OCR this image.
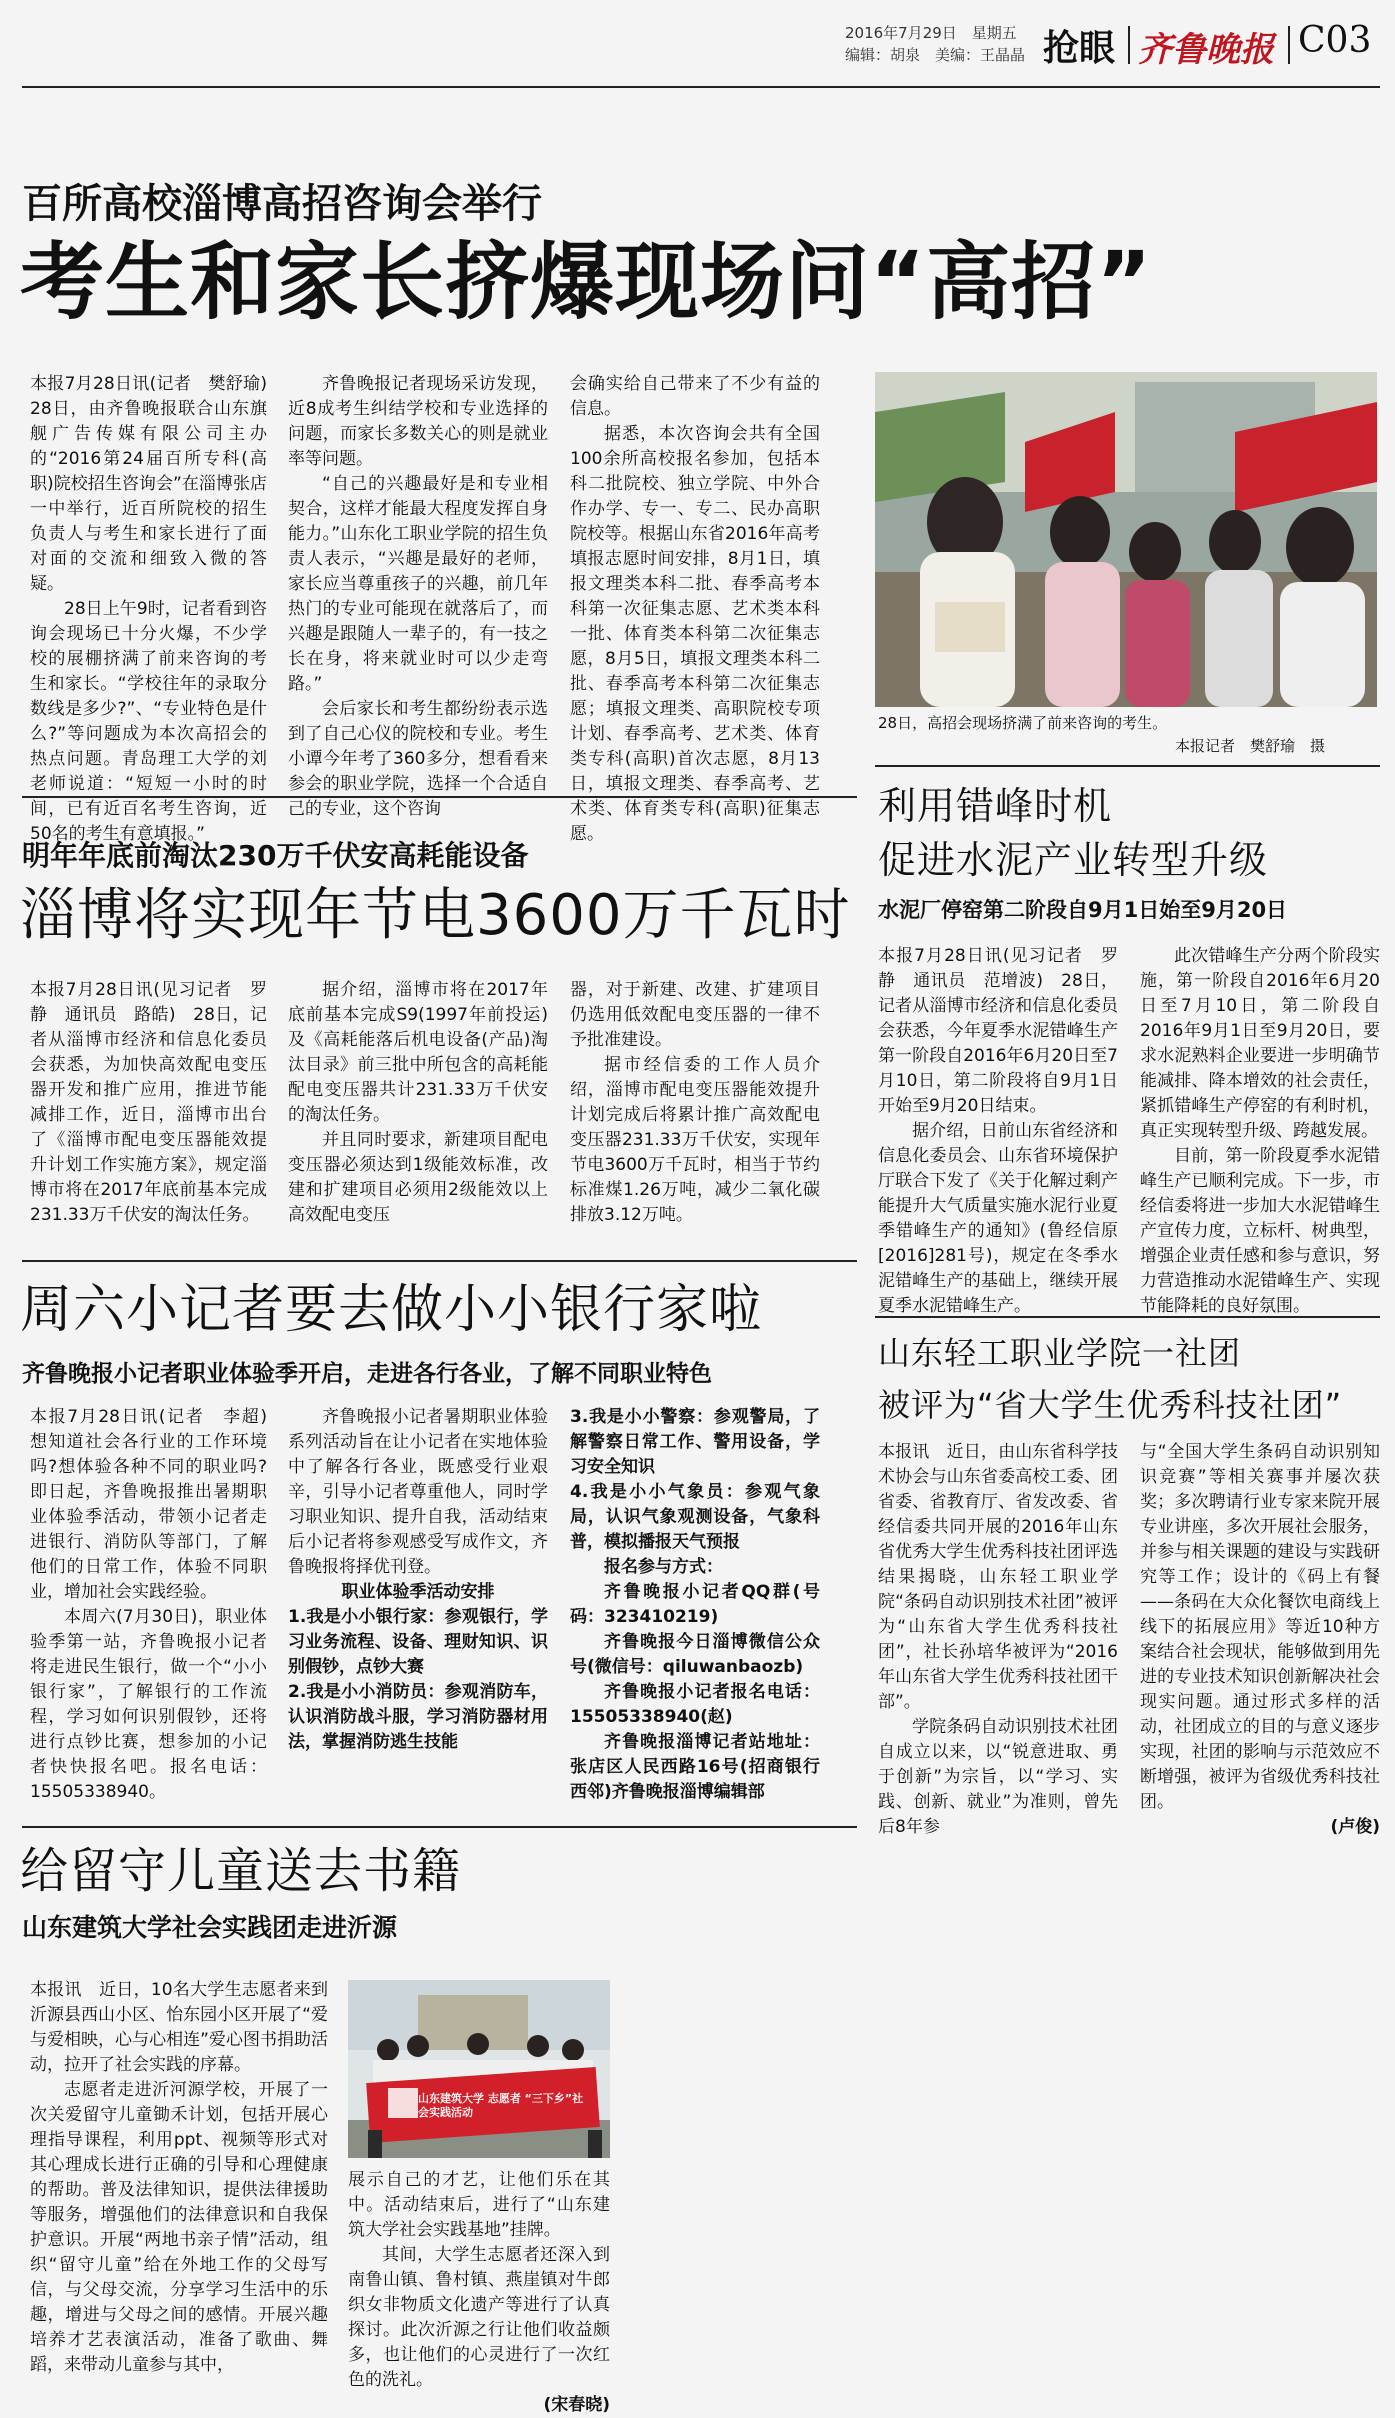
2016年7月29日　星期五
编辑：胡泉　美编：王晶晶 抢眼 齐鲁晚报 C03
百所高校淄博高招咨询会举行
考生和家长挤爆现场问“高招”

本报7月28日讯(记者　樊舒瑜)　28日，由齐鲁晚报联合山东旗舰广告传媒有限公司主办的“2016第24届百所专科(高职)院校招生咨询会”在淄博张店一中举行，近百所院校的招生负责人与考生和家长进行了面对面的交流和细致入微的答疑。

28日上午9时，记者看到咨询会现场已十分火爆，不少学校的展棚挤满了前来咨询的考生和家长。“学校往年的录取分数线是多少?”、“专业特色是什么?”等问题成为本次高招会的热点问题。青岛理工大学的刘老师说道：“短短一小时的时间，已有近百名考生咨询，近50名的考生有意填报。”

齐鲁晚报记者现场采访发现，近8成考生纠结学校和专业选择的问题，而家长多数关心的则是就业率等问题。

“自己的兴趣最好是和专业相契合，这样才能最大程度发挥自身能力。”山东化工职业学院的招生负责人表示，“兴趣是最好的老师，家长应当尊重孩子的兴趣，前几年热门的专业可能现在就落后了，而兴趣是跟随人一辈子的，有一技之长在身，将来就业时可以少走弯路。”

会后家长和考生都纷纷表示选到了自己心仪的院校和专业。考生小谭今年考了360多分，想看看来参会的职业学院，选择一个合适自己的专业，这个咨询

会确实给自己带来了不少有益的信息。

据悉，本次咨询会共有全国100余所高校报名参加，包括本科二批院校、独立学院、中外合作办学、专一、专二、民办高职院校等。根据山东省2016年高考填报志愿时间安排，8月1日，填报文理类本科二批、春季高考本科第一次征集志愿、艺术类本科一批、体育类本科第二次征集志愿，8月5日，填报文理类本科二批、春季高考本科第二次征集志愿；填报文理类、高职院校专项计划、春季高考、艺术类、体育类专科(高职)首次志愿，8月13日，填报文理类、春季高考、艺术类、体育类专科(高职)征集志愿。

28日，高招会现场挤满了前来咨询的考生。
本报记者　樊舒瑜　摄
明年年底前淘汰230万千伏安高耗能设备
淄博将实现年节电3600万千瓦时

本报7月28日讯(见习记者　罗静　通讯员　路皓)　28日，记者从淄博市经济和信息化委员会获悉，为加快高效配电变压器开发和推广应用，推进节能减排工作，近日，淄博市出台了《淄博市配电变压器能效提升计划工作实施方案》，规定淄博市将在2017年底前基本完成231.33万千伏安的淘汰任务。

据介绍，淄博市将在2017年底前基本完成S9(1997年前投运)及《高耗能落后机电设备(产品)淘汰目录》前三批中所包含的高耗能配电变压器共计231.33万千伏安的淘汰任务。

并且同时要求，新建项目配电变压器必须达到1级能效标准，改建和扩建项目必须用2级能效以上高效配电变压

器，对于新建、改建、扩建项目仍选用低效配电变压器的一律不予批准建设。

据市经信委的工作人员介绍，淄博市配电变压器能效提升计划完成后将累计推广高效配电变压器231.33万千伏安，实现年节电3600万千瓦时，相当于节约标准煤1.26万吨，减少二氧化碳排放3.12万吨。

利用错峰时机
促进水泥产业转型升级
水泥厂停窑第二阶段自9月1日始至9月20日

本报7月28日讯(见习记者　罗静　通讯员　范增波)　28日，记者从淄博市经济和信息化委员会获悉，今年夏季水泥错峰生产第一阶段自2016年6月20日至7月10日，第二阶段将自9月1日开始至9月20日结束。

据介绍，日前山东省经济和信息化委员会、山东省环境保护厅联合下发了《关于化解过剩产能提升大气质量实施水泥行业夏季错峰生产的通知》(鲁经信原[2016]281号)，规定在冬季水泥错峰生产的基础上，继续开展夏季水泥错峰生产。

此次错峰生产分两个阶段实施，第一阶段自2016年6月20日至7月10日，第二阶段自2016年9月1日至9月20日，要求水泥熟料企业要进一步明确节能减排、降本增效的社会责任，紧抓错峰生产停窑的有利时机，真正实现转型升级、跨越发展。

目前，第一阶段夏季水泥错峰生产已顺利完成。下一步，市经信委将进一步加大水泥错峰生产宣传力度，立标杆、树典型，增强企业责任感和参与意识，努力营造推动水泥错峰生产、实现节能降耗的良好氛围。

周六小记者要去做小小银行家啦
齐鲁晚报小记者职业体验季开启，走进各行各业，了解不同职业特色

本报7月28日讯(记者　李超)　想知道社会各行业的工作环境吗?想体验各种不同的职业吗?即日起，齐鲁晚报推出暑期职业体验季活动，带领小记者走进银行、消防队等部门，了解他们的日常工作，体验不同职业，增加社会实践经验。

本周六(7月30日)，职业体验季第一站，齐鲁晚报小记者将走进民生银行，做一个“小小银行家”，了解银行的工作流程，学习如何识别假钞，还将进行点钞比赛，想参加的小记者快快报名吧。报名电话：15505338940。

齐鲁晚报小记者暑期职业体验系列活动旨在让小记者在实地体验中了解各行各业，既感受行业艰辛，引导小记者尊重他人，同时学习职业知识、提升自我，活动结束后小记者将参观感受写成作文，齐鲁晚报将择优刊登。

职业体验季活动安排

1.我是小小银行家：参观银行，学习业务流程、设备、理财知识、识别假钞，点钞大赛

2.我是小小消防员：参观消防车，认识消防战斗服，学习消防器材用法，掌握消防逃生技能

3.我是小小警察：参观警局，了解警察日常工作、警用设备，学习安全知识

4.我是小小气象员：参观气象局，认识气象观测设备，气象科普，模拟播报天气预报

报名参与方式：

齐鲁晚报小记者QQ群(号码：323410219)

齐鲁晚报今日淄博微信公众号(微信号：qiluwanbaozb)

齐鲁晚报小记者报名电话：15505338940(赵)

齐鲁晚报淄博记者站地址：张店区人民西路16号(招商银行西邻)齐鲁晚报淄博编辑部

山东轻工职业学院一社团
被评为“省大学生优秀科技社团”

本报讯　近日，由山东省科学技术协会与山东省委高校工委、团省委、省教育厅、省发改委、省经信委共同开展的2016年山东省优秀大学生优秀科技社团评选结果揭晓，山东轻工职业学院“条码自动识别技术社团”被评为“山东省大学生优秀科技社团”，社长孙培华被评为“2016年山东省大学生优秀科技社团干部”。

学院条码自动识别技术社团自成立以来，以“锐意进取、勇于创新”为宗旨，以“学习、实践、创新、就业”为准则，曾先后8年参

与“全国大学生条码自动识别知识竞赛”等相关赛事并屡次获奖；多次聘请行业专家来院开展专业讲座，多次开展社会服务，并参与相关课题的建设与实践研究等工作；设计的《码上有餐——条码在大众化餐饮电商线上线下的拓展应用》等近10种方案结合社会现状，能够做到用先进的专业技术知识创新解决社会现实问题。通过形式多样的活动，社团成立的目的与意义逐步实现，社团的影响与示范效应不断增强，被评为省级优秀科技社团。

(卢俊)

给留守儿童送去书籍
山东建筑大学社会实践团走进沂源

本报讯　近日，10名大学生志愿者来到沂源县西山小区、怡东园小区开展了“爱与爱相映，心与心相连”爱心图书捐助活动，拉开了社会实践的序幕。

志愿者走进沂河源学校，开展了一次关爱留守儿童锄禾计划，包括开展心理指导课程，利用ppt、视频等形式对其心理成长进行正确的引导和心理健康的帮助。普及法律知识，提供法律援助等服务，增强他们的法律意识和自我保护意识。开展“两地书亲子情”活动，组织“留守儿童”给在外地工作的父母写信，与父母交流，分享学习生活中的乐趣，增进与父母之间的感情。开展兴趣培养才艺表演活动，准备了歌曲、舞蹈，来带动儿童参与其中，

山东建筑大学 志愿者 “三下乡”社会实践活动

展示自己的才艺，让他们乐在其中。活动结束后，进行了“山东建筑大学社会实践基地”挂牌。

其间，大学生志愿者还深入到南鲁山镇、鲁村镇、燕崖镇对牛郎织女非物质文化遗产等进行了认真探讨。此次沂源之行让他们收益颇多，也让他们的心灵进行了一次红色的洗礼。

(宋春晓)
